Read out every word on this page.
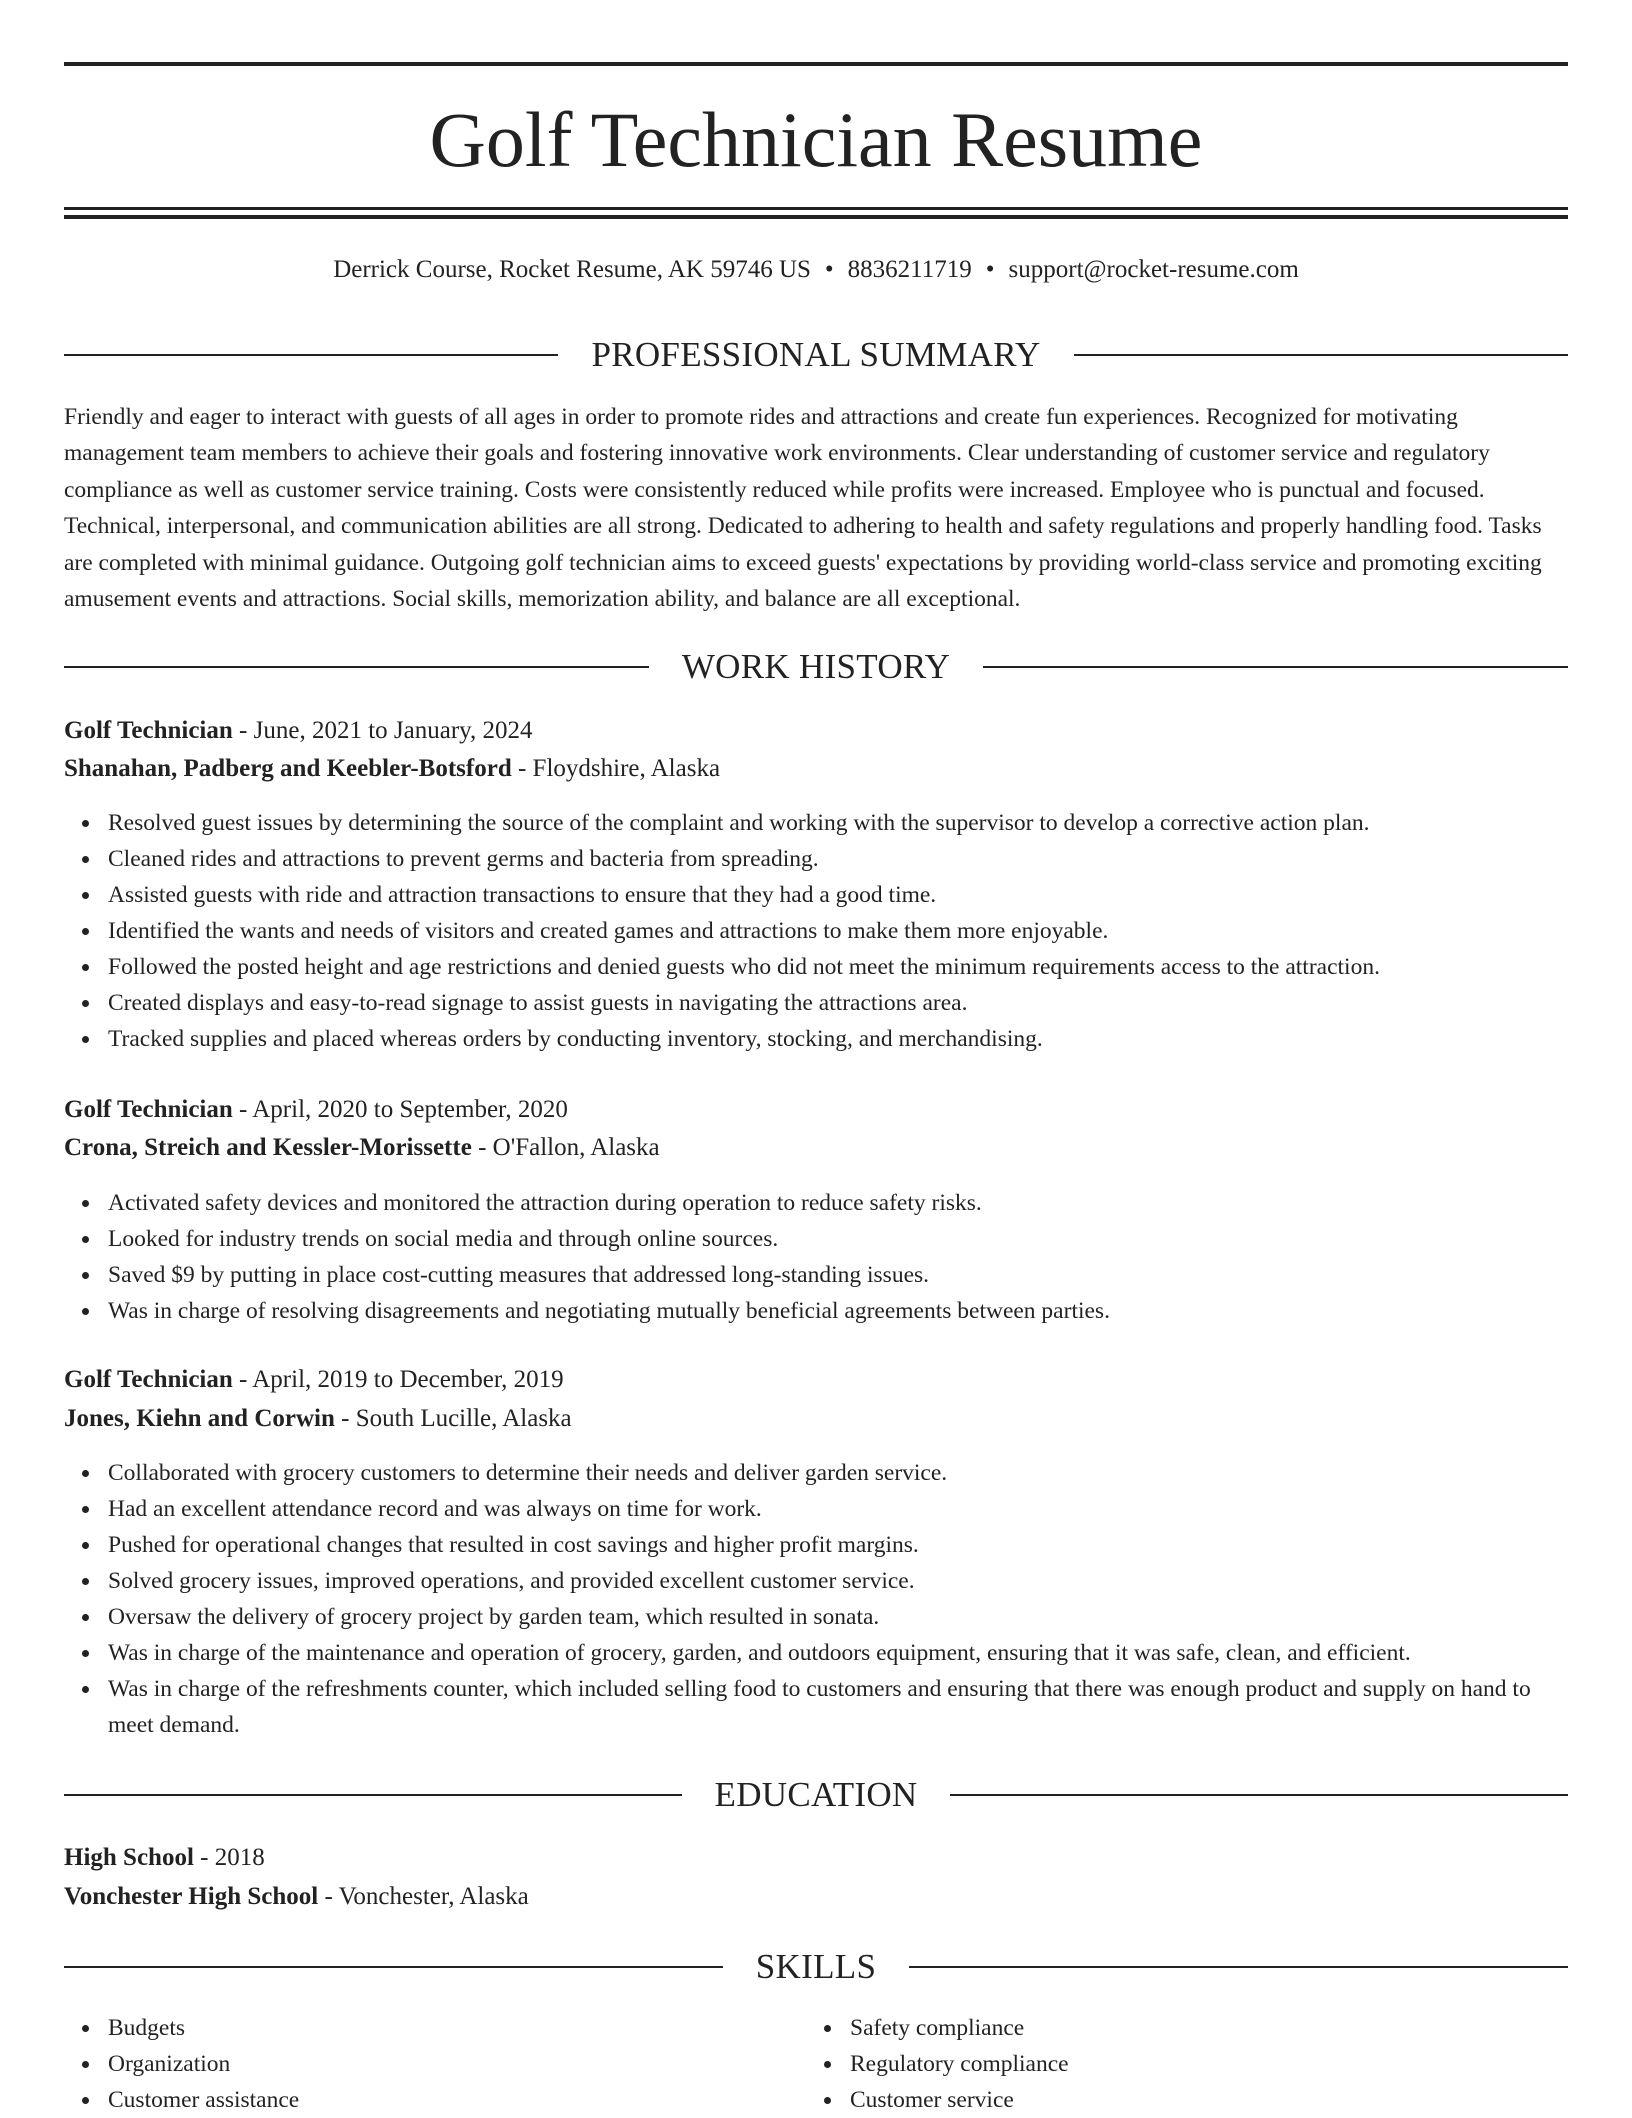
Golf Technician Resume
Derrick Course, Rocket Resume, AK 59746 US • 8836211719 • support@rocket-resume.com
PROFESSIONAL SUMMARY

Friendly and eager to interact with guests of all ages in order to promote rides and attractions and create fun experiences. Recognized for motivating management team members to achieve their goals and fostering innovative work environments. Clear understanding of customer service and regulatory compliance as well as customer service training. Costs were consistently reduced while profits were increased. Employee who is punctual and focused. Technical, interpersonal, and communication abilities are all strong. Dedicated to adhering to health and safety regulations and properly handling food. Tasks are completed with minimal guidance. Outgoing golf technician aims to exceed guests' expectations by providing world-class service and promoting exciting amusement events and attractions. Social skills, memorization ability, and balance are all exceptional.

WORK HISTORY
Golf Technician - June, 2021 to January, 2024
Shanahan, Padberg and Keebler-Botsford - Floydshire, Alaska
Resolved guest issues by determining the source of the complaint and working with the supervisor to develop a corrective action plan.
Cleaned rides and attractions to prevent germs and bacteria from spreading.
Assisted guests with ride and attraction transactions to ensure that they had a good time.
Identified the wants and needs of visitors and created games and attractions to make them more enjoyable.
Followed the posted height and age restrictions and denied guests who did not meet the minimum requirements access to the attraction.
Created displays and easy-to-read signage to assist guests in navigating the attractions area.
Tracked supplies and placed whereas orders by conducting inventory, stocking, and merchandising.
Golf Technician - April, 2020 to September, 2020
Crona, Streich and Kessler-Morissette - O'Fallon, Alaska
Activated safety devices and monitored the attraction during operation to reduce safety risks.
Looked for industry trends on social media and through online sources.
Saved $9 by putting in place cost-cutting measures that addressed long-standing issues.
Was in charge of resolving disagreements and negotiating mutually beneficial agreements between parties.
Golf Technician - April, 2019 to December, 2019
Jones, Kiehn and Corwin - South Lucille, Alaska
Collaborated with grocery customers to determine their needs and deliver garden service.
Had an excellent attendance record and was always on time for work.
Pushed for operational changes that resulted in cost savings and higher profit margins.
Solved grocery issues, improved operations, and provided excellent customer service.
Oversaw the delivery of grocery project by garden team, which resulted in sonata.
Was in charge of the maintenance and operation of grocery, garden, and outdoors equipment, ensuring that it was safe, clean, and efficient.
Was in charge of the refreshments counter, which included selling food to customers and ensuring that there was enough product and supply on hand to meet demand.
EDUCATION
High School - 2018
Vonchester High School - Vonchester, Alaska
SKILLS
Budgets
Organization
Customer assistance
Safety compliance
Regulatory compliance
Customer service
